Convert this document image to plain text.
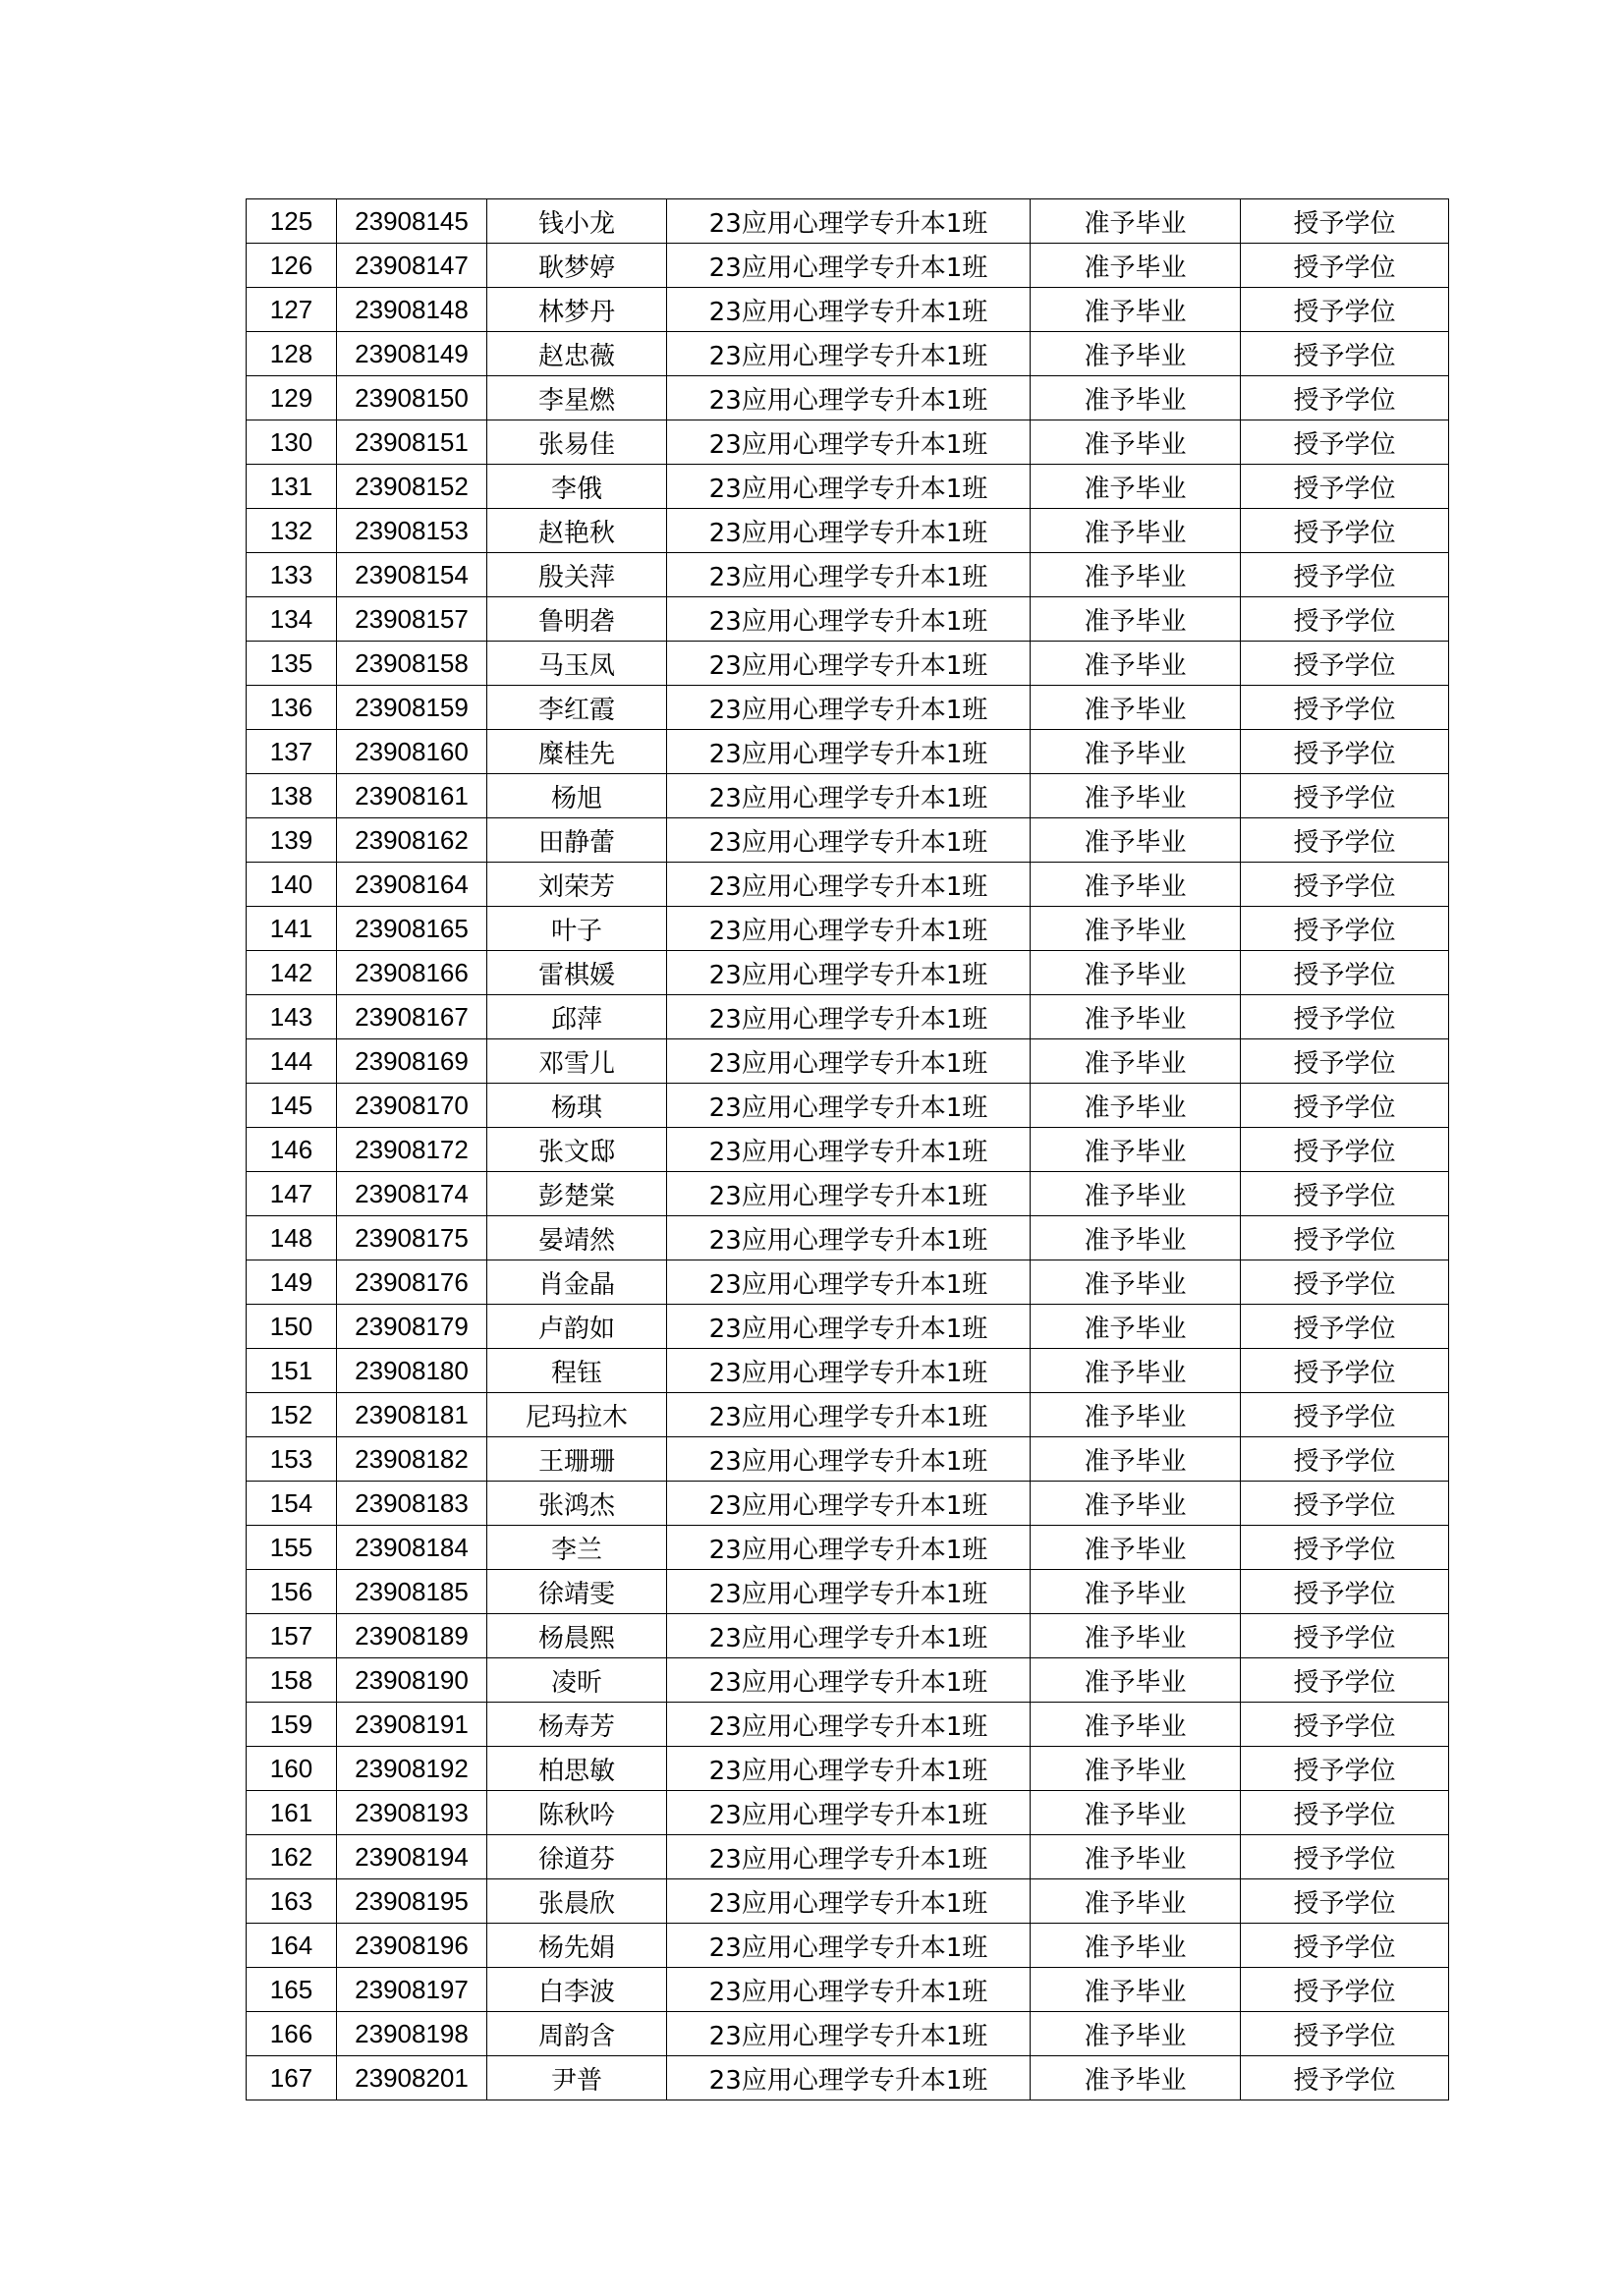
125	23908145	钱小龙	23应用心理学专升本1班	准予毕业	授予学位
126	23908147	耿梦婷	23应用心理学专升本1班	准予毕业	授予学位
127	23908148	林梦丹	23应用心理学专升本1班	准予毕业	授予学位
128	23908149	赵忠薇	23应用心理学专升本1班	准予毕业	授予学位
129	23908150	李星燃	23应用心理学专升本1班	准予毕业	授予学位
130	23908151	张易佳	23应用心理学专升本1班	准予毕业	授予学位
131	23908152	李俄	23应用心理学专升本1班	准予毕业	授予学位
132	23908153	赵艳秋	23应用心理学专升本1班	准予毕业	授予学位
133	23908154	殷关萍	23应用心理学专升本1班	准予毕业	授予学位
134	23908157	鲁明砻	23应用心理学专升本1班	准予毕业	授予学位
135	23908158	马玉凤	23应用心理学专升本1班	准予毕业	授予学位
136	23908159	李红霞	23应用心理学专升本1班	准予毕业	授予学位
137	23908160	糜桂先	23应用心理学专升本1班	准予毕业	授予学位
138	23908161	杨旭	23应用心理学专升本1班	准予毕业	授予学位
139	23908162	田静蕾	23应用心理学专升本1班	准予毕业	授予学位
140	23908164	刘荣芳	23应用心理学专升本1班	准予毕业	授予学位
141	23908165	叶子	23应用心理学专升本1班	准予毕业	授予学位
142	23908166	雷棋媛	23应用心理学专升本1班	准予毕业	授予学位
143	23908167	邱萍	23应用心理学专升本1班	准予毕业	授予学位
144	23908169	邓雪儿	23应用心理学专升本1班	准予毕业	授予学位
145	23908170	杨琪	23应用心理学专升本1班	准予毕业	授予学位
146	23908172	张文邸	23应用心理学专升本1班	准予毕业	授予学位
147	23908174	彭楚棠	23应用心理学专升本1班	准予毕业	授予学位
148	23908175	晏靖然	23应用心理学专升本1班	准予毕业	授予学位
149	23908176	肖金晶	23应用心理学专升本1班	准予毕业	授予学位
150	23908179	卢韵如	23应用心理学专升本1班	准予毕业	授予学位
151	23908180	程钰	23应用心理学专升本1班	准予毕业	授予学位
152	23908181	尼玛拉木	23应用心理学专升本1班	准予毕业	授予学位
153	23908182	王珊珊	23应用心理学专升本1班	准予毕业	授予学位
154	23908183	张鸿杰	23应用心理学专升本1班	准予毕业	授予学位
155	23908184	李兰	23应用心理学专升本1班	准予毕业	授予学位
156	23908185	徐靖雯	23应用心理学专升本1班	准予毕业	授予学位
157	23908189	杨晨熙	23应用心理学专升本1班	准予毕业	授予学位
158	23908190	凌昕	23应用心理学专升本1班	准予毕业	授予学位
159	23908191	杨寿芳	23应用心理学专升本1班	准予毕业	授予学位
160	23908192	柏思敏	23应用心理学专升本1班	准予毕业	授予学位
161	23908193	陈秋吟	23应用心理学专升本1班	准予毕业	授予学位
162	23908194	徐道芬	23应用心理学专升本1班	准予毕业	授予学位
163	23908195	张晨欣	23应用心理学专升本1班	准予毕业	授予学位
164	23908196	杨先娟	23应用心理学专升本1班	准予毕业	授予学位
165	23908197	白李波	23应用心理学专升本1班	准予毕业	授予学位
166	23908198	周韵含	23应用心理学专升本1班	准予毕业	授予学位
167	23908201	尹普	23应用心理学专升本1班	准予毕业	授予学位
